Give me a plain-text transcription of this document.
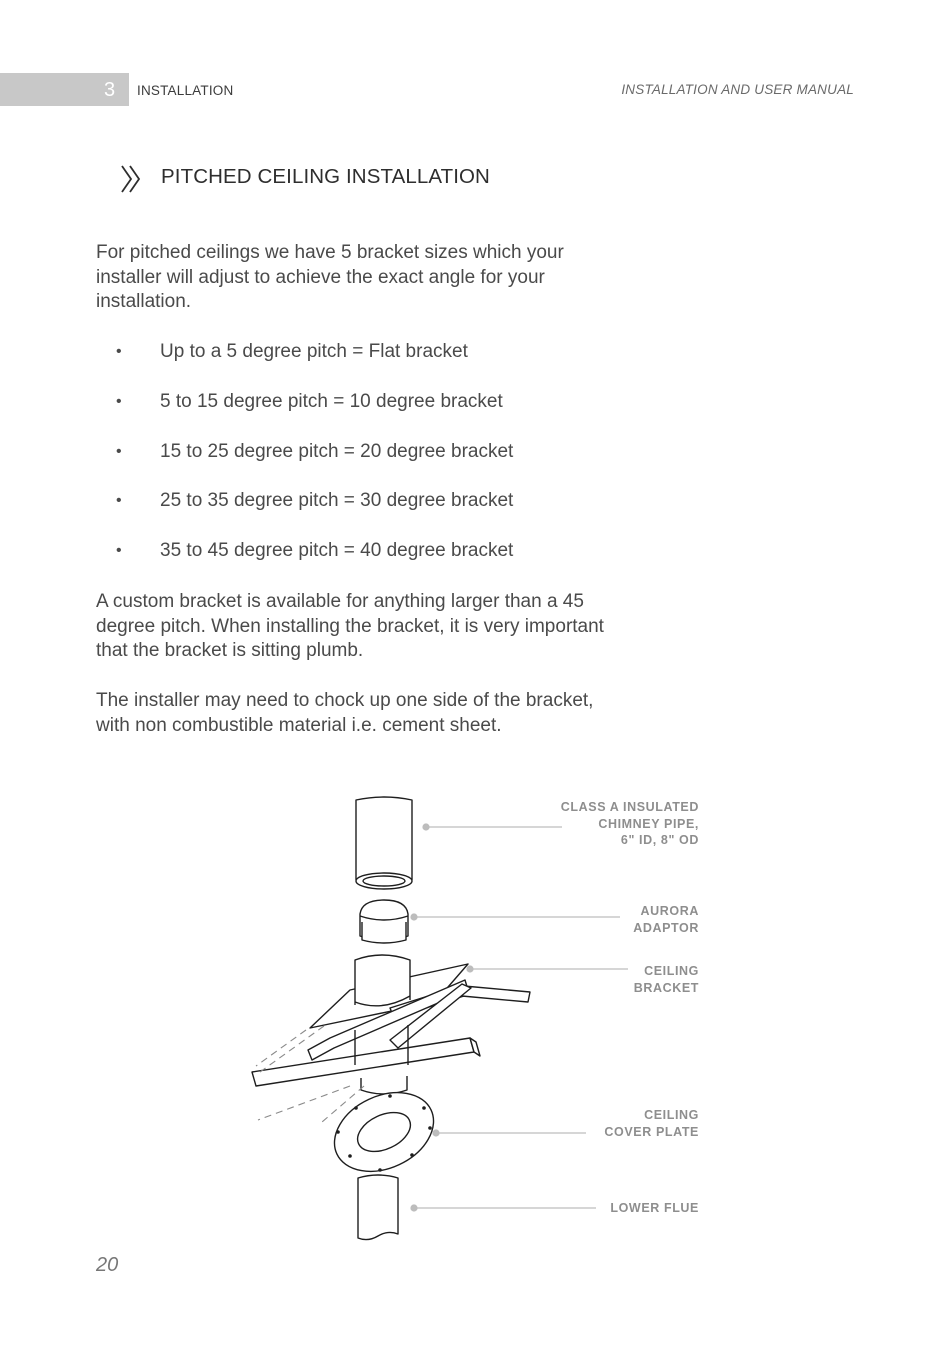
3 INSTALLATION	INSTALLATION AND USER MANUAL
PITCHED CEILING INSTALLATION

For pitched ceilings we have 5 bracket sizes which your installer will adjust to achieve the exact angle for your installation.

•	Up to a 5 degree pitch = Flat bracket
•	5 to 15 degree pitch = 10 degree bracket
•	15 to 25 degree pitch = 20 degree bracket
•	25 to 35 degree pitch = 30 degree bracket
•	35 to 45 degree pitch = 40 degree bracket

A custom bracket is available for anything larger than a 45 degree pitch. When installing the bracket, it is very important that the bracket is sitting plumb.

The installer may need to chock up one side of the bracket, with non combustible material i.e. cement sheet.

CLASS A INSULATED
CHIMNEY PIPE,
6" ID, 8" OD
AURORA
ADAPTOR
CEILING
BRACKET
CEILING
COVER PLATE
LOWER FLUE
20
